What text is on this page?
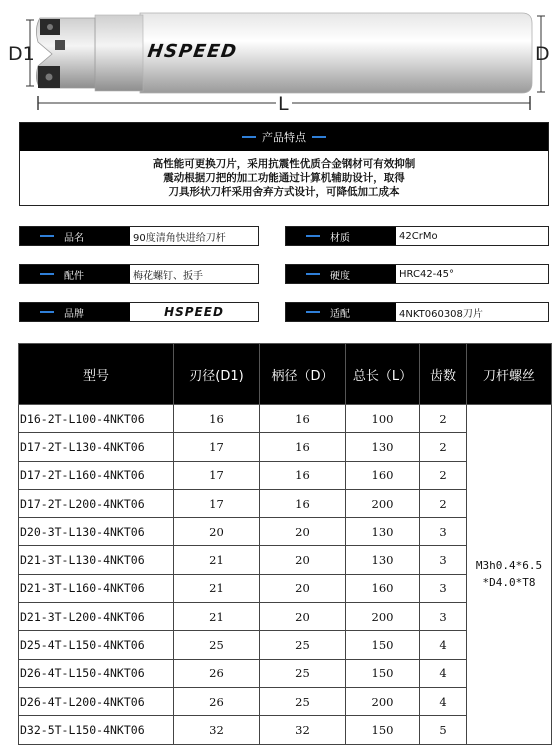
HSPEED
D1	D
L
产品特点
高性能可更换刀片，采用抗震性优质合金钢材可有效抑制
震动根据刀把的加工功能通过计算机辅助设计，取得
刀具形状刀杆采用舍弃方式设计，可降低加工成本
品名	90度清角快进给刀杆	材质	42CrMo
配件	梅花螺钉、扳手	硬度	HRC42-45°
品牌	HSPEED	适配	4NKT060308刀片
型号	刃径(D1)	柄径（D）	总长（L）	齿数	刀杆螺丝
D16-2T-L100-4NKT06	16	16	100	2	M3h0.4*6.5
*D4.0*T8

D17-2T-L130-4NKT06	17	16	130	2	
D17-2T-L160-4NKT06	17	16	160	2	
D17-2T-L200-4NKT06	17	16	200	2	
D20-3T-L130-4NKT06	20	20	130	3	
D21-3T-L130-4NKT06	21	20	130	3	
D21-3T-L160-4NKT06	21	20	160	3	
D21-3T-L200-4NKT06	21	20	200	3	
D25-4T-L150-4NKT06	25	25	150	4	
D26-4T-L150-4NKT06	26	25	150	4	
D26-4T-L200-4NKT06	26	25	200	4	
D32-5T-L150-4NKT06	32	32	150	5	
